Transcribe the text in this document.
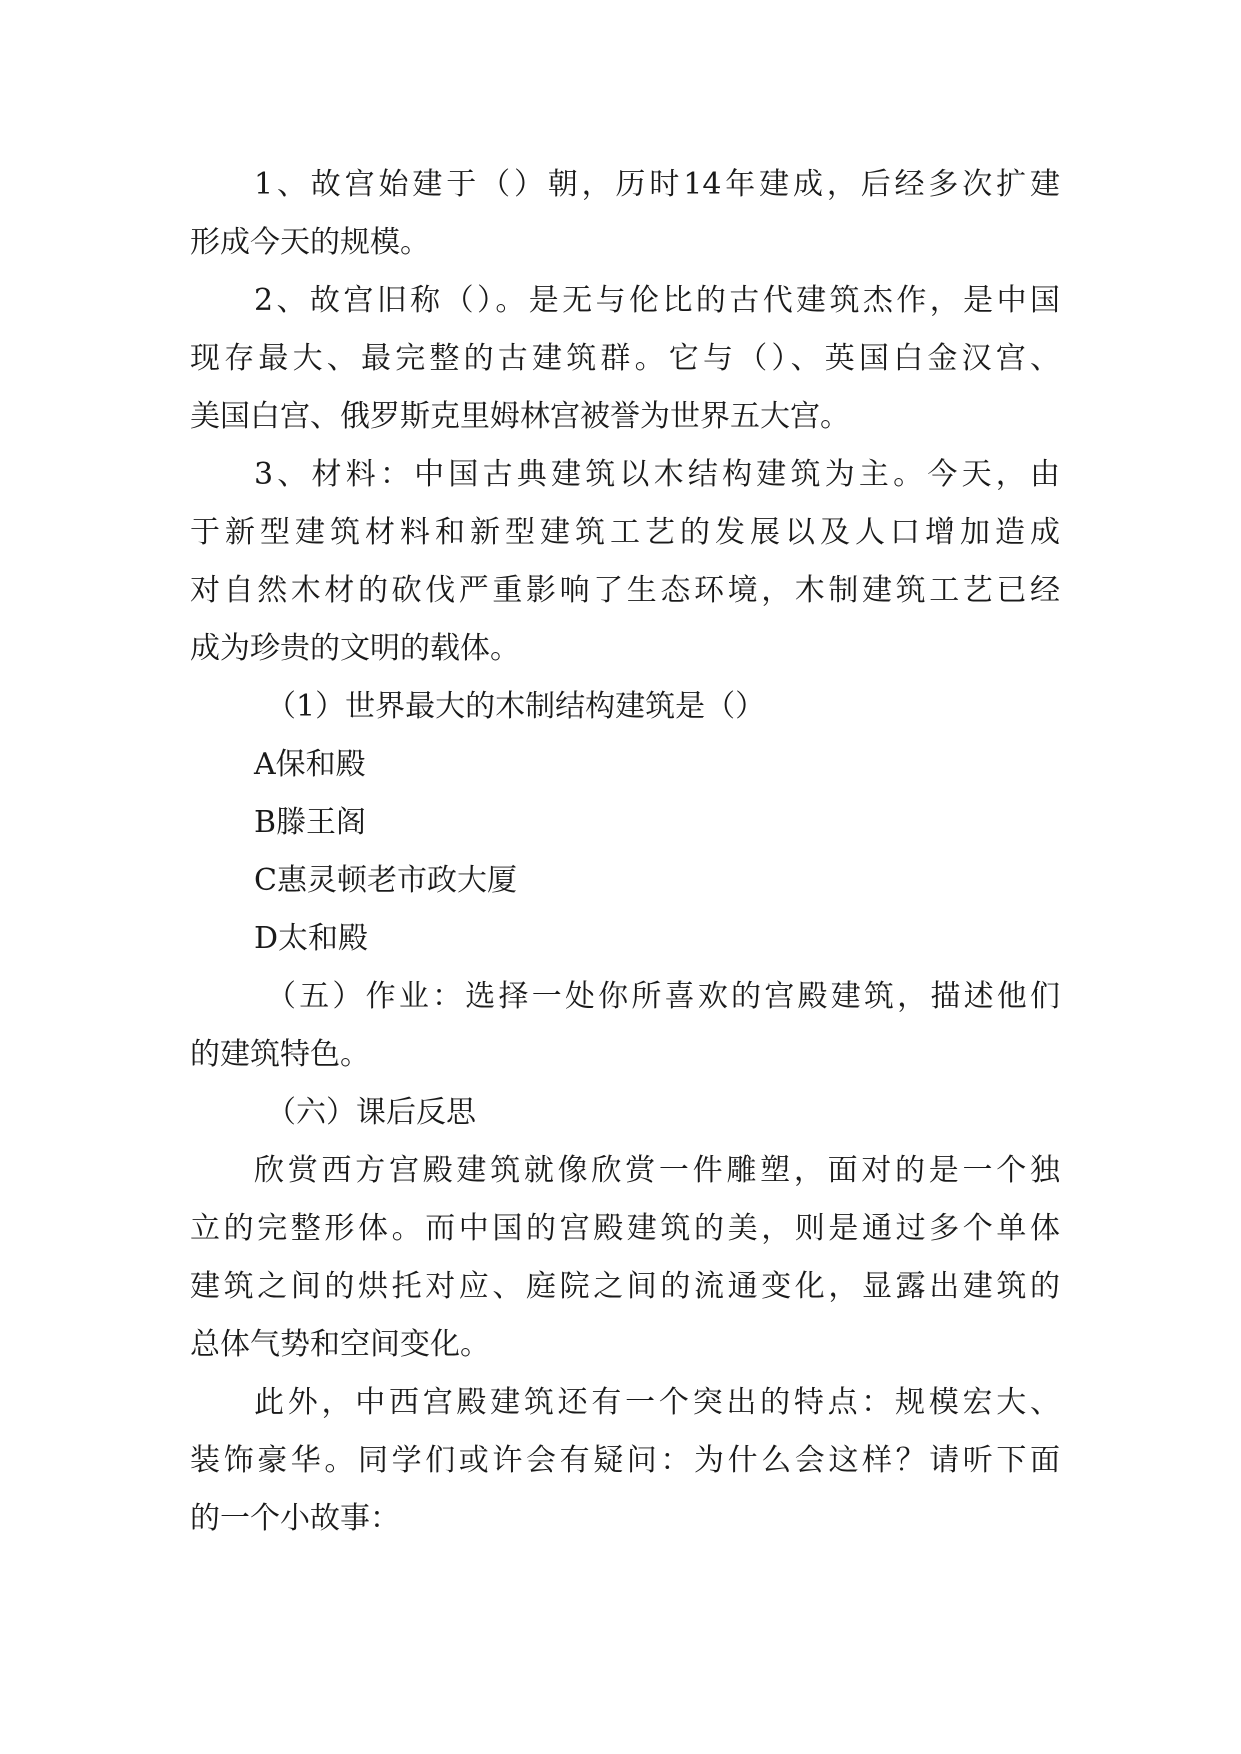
1、故宫始建于（）朝，历时14年建成，后经多次扩建
形成今天的规模。
2、故宫旧称（）。是无与伦比的古代建筑杰作，是中国
现存最大、最完整的古建筑群。它与（）、英国白金汉宫、
美国白宫、俄罗斯克里姆林宫被誉为世界五大宫。
3、材料：中国古典建筑以木结构建筑为主。今天，由
于新型建筑材料和新型建筑工艺的发展以及人口增加造成
对自然木材的砍伐严重影响了生态环境，木制建筑工艺已经
成为珍贵的文明的载体。
（1）世界最大的木制结构建筑是（）
A保和殿
B滕王阁
C惠灵顿老市政大厦
D太和殿
（五）作业：选择一处你所喜欢的宫殿建筑，描述他们
的建筑特色。
（六）课后反思
欣赏西方宫殿建筑就像欣赏一件雕塑，面对的是一个独
立的完整形体。而中国的宫殿建筑的美，则是通过多个单体
建筑之间的烘托对应、庭院之间的流通变化，显露出建筑的
总体气势和空间变化。
此外，中西宫殿建筑还有一个突出的特点：规模宏大、
装饰豪华。同学们或许会有疑问：为什么会这样？请听下面
的一个小故事：
